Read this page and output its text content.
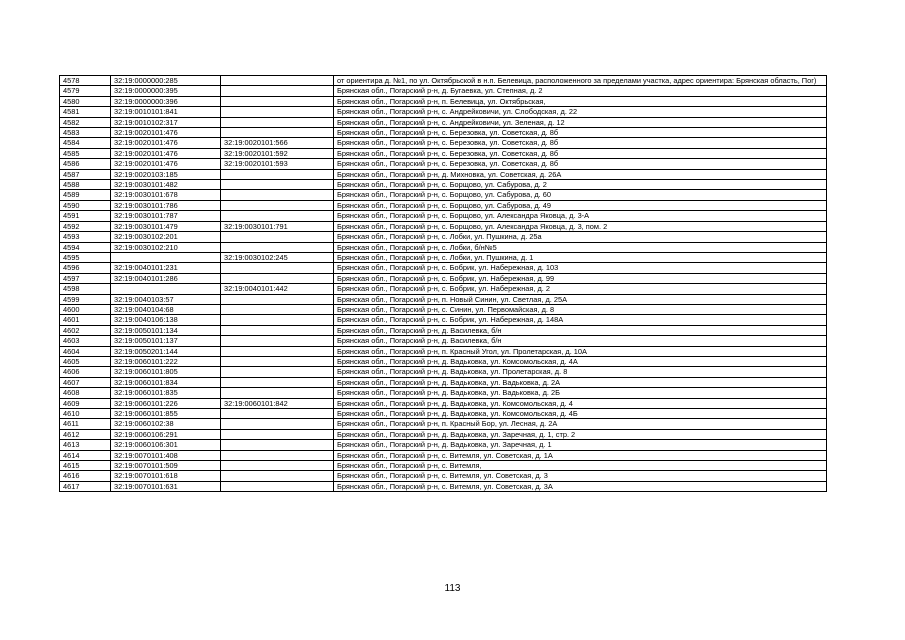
4578	32:19:0000000:285		от ориентира д. №1, по ул. Октябрьской в н.п. Белевица, расположенного за пределами участка, адрес ориентира: Брянская область, Пог)
4579	32:19:0000000:395		Брянская обл., Погарский р-н, д. Бугаевка, ул. Степная, д. 2
4580	32:19:0000000:396		Брянская обл., Погарский р-н, п. Белевица, ул. Октябрьская,
4581	32:19:0010101:841		Брянская обл., Погарский р-н, с. Андрейковичи, ул. Слободская, д. 22
4582	32:19:0010102:317		Брянская обл., Погарский р-н, с. Андрейковичи, ул. Зеленая, д. 12
4583	32:19:0020101:476		Брянская обл., Погарский р-н, с. Березовка, ул. Советская, д. 8б
4584	32:19:0020101:476	32:19:0020101:566	Брянская обл., Погарский р-н, с. Березовка, ул. Советская, д. 8б
4585	32:19:0020101:476	32:19:0020101:592	Брянская обл., Погарский р-н, с. Березовка, ул. Советская, д. 8б
4586	32:19:0020101:476	32:19:0020101:593	Брянская обл., Погарский р-н, с. Березовка, ул. Советская, д. 8б
4587	32:19:0020103:185		Брянская обл., Погарский р-н, д. Михновка, ул. Советская, д. 26А
4588	32:19:0030101:482		Брянская обл., Погарский р-н, с. Борщово, ул. Сабурова, д. 2
4589	32:19:0030101:678		Брянская обл., Погарский р-н, с. Борщово, ул. Сабурова, д. 60
4590	32:19:0030101:786		Брянская обл., Погарский р-н, с. Борщово, ул. Сабурова, д. 49
4591	32:19:0030101:787		Брянская обл., Погарский р-н, с. Борщово, ул. Александра Яковца, д. 3-А
4592	32:19:0030101:479	32:19:0030101:791	Брянская обл., Погарский р-н, с. Борщово, ул. Александра Яковца, д. 3, пом. 2
4593	32:19:0030102:201		Брянская обл., Погарский р-н, с. Лобки, ул. Пушкина, д. 25а
4594	32:19:0030102:210		Брянская обл., Погарский р-н, с. Лобки, б/н№5
4595		32:19:0030102:245	Брянская обл., Погарский р-н, с. Лобки, ул. Пушкина, д. 1
4596	32:19:0040101:231		Брянская обл., Погарский р-н, с. Бобрик, ул. Набережная, д. 103
4597	32:19:0040101:286		Брянская обл., Погарский р-н, с. Бобрик, ул. Набережная, д. 99
4598		32:19:0040101:442	Брянская обл., Погарский р-н, с. Бобрик, ул. Набережная, д. 2
4599	32:19:0040103:57		Брянская обл., Погарский р-н, п. Новый Синин, ул. Светлая, д. 25А
4600	32:19:0040104:68		Брянская обл., Погарский р-н, с. Синин, ул. Первомайская, д. 8
4601	32:19:0040106:138		Брянская обл., Погарский р-н, с. Бобрик, ул. Набережная, д. 148А
4602	32:19:0050101:134		Брянская обл., Погарский р-н, д. Василевка, б/н
4603	32:19:0050101:137		Брянская обл., Погарский р-н, д. Василевка, б/н
4604	32:19:0050201:144		Брянская обл., Погарский р-н, п. Красный Угол, ул. Пролетарская, д. 10А
4605	32:19:0060101:222		Брянская обл., Погарский р-н, д. Вадьковка, ул. Комсомольская, д. 4А
4606	32:19:0060101:805		Брянская обл., Погарский р-н, д. Вадьковка, ул. Пролетарская, д. 8
4607	32:19:0060101:834		Брянская обл., Погарский р-н, д. Вадьковка, ул. Вадьковка, д. 2А
4608	32:19:0060101:835		Брянская обл., Погарский р-н, д. Вадьковка, ул. Вадьковка, д. 2Б
4609	32:19:0060101:226	32:19:0060101:842	Брянская обл., Погарский р-н, д. Вадьковка, ул. Комсомольская, д. 4
4610	32:19:0060101:855		Брянская обл., Погарский р-н, д. Вадьковка, ул. Комсомольская, д. 4Б
4611	32:19:0060102:38		Брянская обл., Погарский р-н, п. Красный Бор, ул. Лесная, д. 2А
4612	32:19:0060106:291		Брянская обл., Погарский р-н, д. Вадьковка, ул. Заречная, д. 1, стр. 2
4613	32:19:0060106:301		Брянская обл., Погарский р-н, д. Вадьковка, ул. Заречная, д. 1
4614	32:19:0070101:408		Брянская обл., Погарский р-н, с. Витемля, ул. Советская, д. 1А
4615	32:19:0070101:509		Брянская обл., Погарский р-н, с. Витемля,
4616	32:19:0070101:618		Брянская обл., Погарский р-н, с. Витемля, ул. Советская, д. 3
4617	32:19:0070101:631		Брянская обл., Погарский р-н, с. Витемля, ул. Советская, д. 3А
113
